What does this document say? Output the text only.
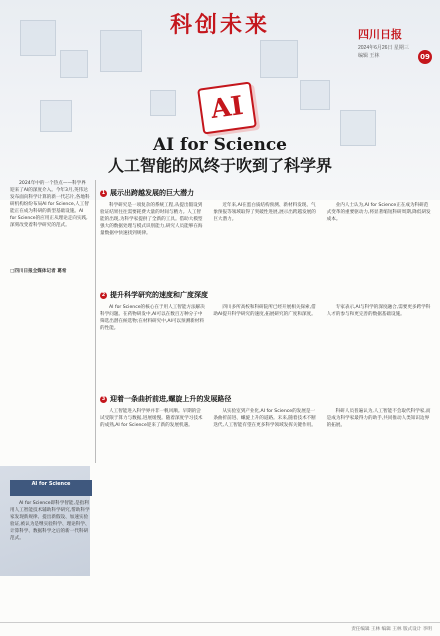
科创未来	四川日报
2024年6月26日 星期三
编辑 王林	09
AI
AI for Science
人工智能的风终于吹到了科学界
2024年中的一个热点——科学界迎来了AI的深度介入。今年3月,英伟达发布面向科学计算的新一代芯片,各地科研机构纷纷布局AI for Science,人工智能正在成为科研的新型基础设施。AI for Science的应用正从理论走向实践,深刻改变着科学研究的范式。
□四川日报全媒体记者 葛希
1 展示出跨越发展的巨大潜力
科学研究是一项复杂的系统工程,从提出假设到验证结果往往需要耗费大量的时间与精力。人工智能的出现,为科学家提供了全新的工具。借助大模型强大的数据处理与模式识别能力,研究人员能够在海量数据中快速找到规律。
近年来,AI在蛋白质结构预测、新材料发现、气象预报等领域取得了突破性进展,展示出跨越发展的巨大潜力。
业内人士认为,AI for Science正在成为科研范式变革的重要驱动力,将显著缩短科研周期,降低研发成本。
2 提升科学研究的速度和广度深度
AI for Science的核心在于用人工智能方法解决科学问题。在药物研发中,AI可以在数百万种分子中筛选出潜在候选物;在材料研究中,AI可以预测新材料的性能。
四川多所高校和科研院所已经开展相关探索,借助AI提升科学研究的速度,拓展研究的广度和深度。
专家表示,AI与科学的深度融合,需要更多跨学科人才的参与和更完善的数据基础设施。
3 迎着一条曲折前进,螺旋上升的发展路径
人工智能进入科学界并非一帆风顺。早期的尝试受限于算力与数据,进展缓慢。随着深度学习技术的成熟,AI for Science迎来了新的发展机遇。
从实验室到产业化,AI for Science的发展是一条曲折前进、螺旋上升的道路。未来,随着技术不断迭代,人工智能有望在更多科学领域发挥关键作用。
科研人员普遍认为,人工智能不会取代科学家,而是成为科学家最得力的助手,共同推动人类知识边界的拓展。
AI for Science
AI for Science即科学智能,是指利用人工智能技术辅助科学研究,帮助科学家发现新规律、提出新假设、加速实验验证,被认为是继实验科学、理论科学、计算科学、数据科学之后的新一代科研范式。
责任编辑 王林 编辑 王林 版式设计 李明
